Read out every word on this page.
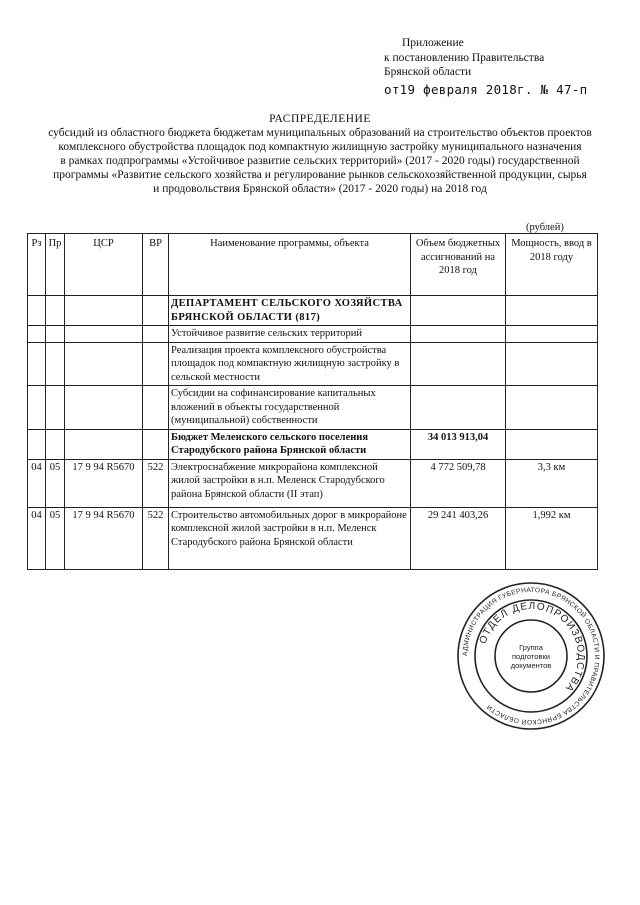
Приложение
к постановлению Правительства
Брянской области
от19 февраля 2018г. № 47-п
РАСПРЕДЕЛЕНИЕ
субсидий из областного бюджета бюджетам муниципальных образований на строительство объектов проектов
комплексного обустройства площадок под компактную жилищную застройку муниципального назначения
в рамках подпрограммы «Устойчивое развитие сельских территорий» (2017 - 2020 годы) государственной
программы «Развитие сельского хозяйства и регулирование рынков сельскохозяйственной продукции, сырья
и продовольствия Брянской области» (2017 - 2020 годы) на 2018 год
(рублей)
Рз	Пр	ЦСР	ВР	Наименование программы, объекта	Объем бюджетных ассигнований на 2018 год	Мощность, ввод в 2018 году
				ДЕПАРТАМЕНТ СЕЛЬСКОГО ХОЗЯЙСТВА БРЯНСКОЙ ОБЛАСТИ (817)		
				Устойчивое развитие сельских территорий		
				Реализация проекта комплексного обустройства площадок под компактную жилищную застройку в сельской местности		
				Субсидии на софинансирование капитальных вложений в объекты государственной (муниципальной) собственности		
				Бюджет Меленского сельского поселения Стародубского района Брянской области	34 013 913,04	
04	05	17 9 94 R5670	522	Электроснабжение микрорайона комплексной жилой застройки в н.п. Меленск Стародубского района Брянской области (II этап)	4 772 509,78	3,3 км
04	05	17 9 94 R5670	522	Строительство автомобильных дорог в микрорайоне комплексной жилой застройки в н.п. Меленск Стародубского района Брянской области	29 241 403,26	1,992 км
АДМИНИСТРАЦИЯ ГУБЕРНАТОРА БРЯНСКОЙ ОБЛАСТИ И ПРАВИТЕЛЬСТВА БРЯНСКОЙ ОБЛАСТИ
ОТДЕЛ ДЕЛОПРОИЗВОДСТВА
Группа
подготовки
документов
